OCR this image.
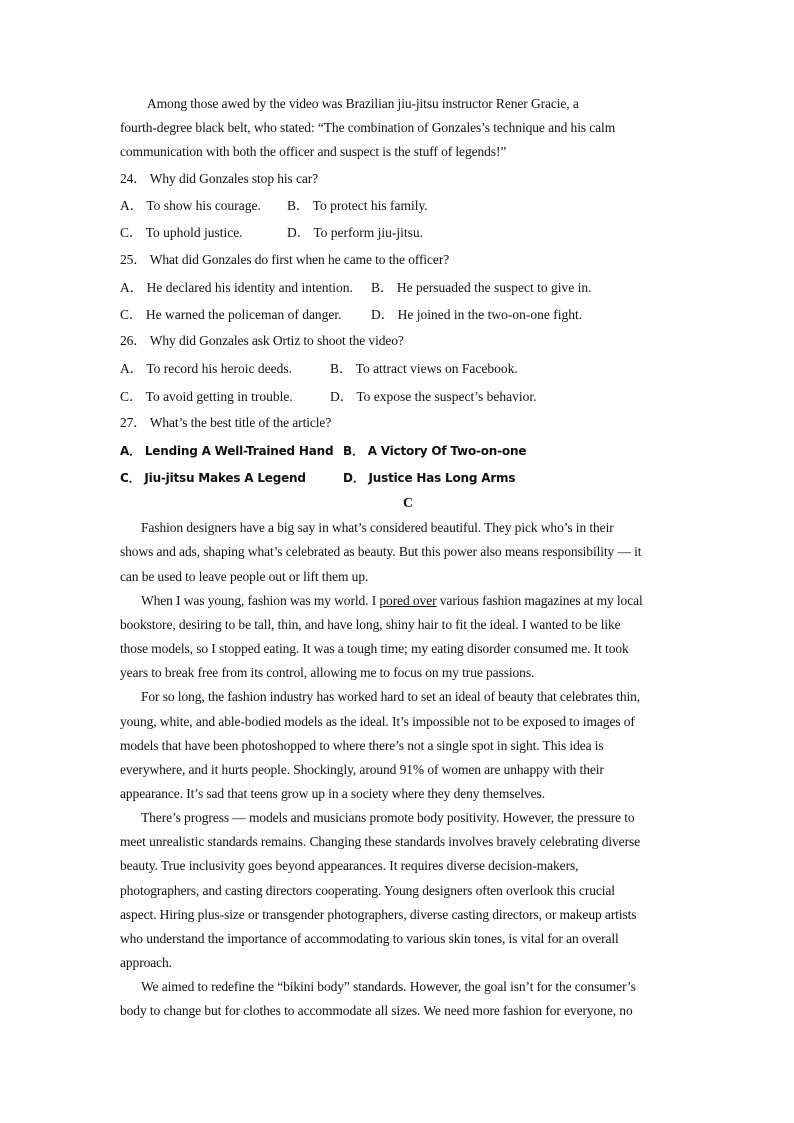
Among those awed by the video was Brazilian jiu-jitsu instructor Rener Gracie, a
fourth-degree black belt, who stated: “The combination of Gonzales’s technique and his calm
communication with both the officer and suspect is the stuff of legends!”
24． Why did Gonzales stop his car?
A． To show his courage. B． To protect his family.
C． To uphold justice.	D． To perform jiu-jitsu.
25． What did Gonzales do first when he came to the officer?
A． He declared his identity and intention. B． He persuaded the suspect to give in.
C． He warned the policeman of danger. D． He joined in the two-on-one fight.
26． Why did Gonzales ask Ortiz to shoot the video?
A． To record his heroic deeds.	B． To attract views on Facebook.
C． To avoid getting in trouble.	D． To expose the suspect’s behavior.
27． What’s the best title of the article?
A． Lending A Well-Trained Hand B． A Victory Of Two-on-one
C． Jiu-jitsu Makes A Legend	D． Justice Has Long Arms
C
Fashion designers have a big say in what’s considered beautiful. They pick who’s in their
shows and ads, shaping what’s celebrated as beauty. But this power also means responsibility — it
can be used to leave people out or lift them up.
When I was young, fashion was my world. I pored over various fashion magazines at my local
bookstore, desiring to be tall, thin, and have long, shiny hair to fit the ideal. I wanted to be like
those models, so I stopped eating. It was a tough time; my eating disorder consumed me. It took
years to break free from its control, allowing me to focus on my true passions.
For so long, the fashion industry has worked hard to set an ideal of beauty that celebrates thin,
young, white, and able-bodied models as the ideal. It’s impossible not to be exposed to images of
models that have been photoshopped to where there’s not a single spot in sight. This idea is
everywhere, and it hurts people. Shockingly, around 91% of women are unhappy with their
appearance. It’s sad that teens grow up in a society where they deny themselves.
There’s progress — models and musicians promote body positivity. However, the pressure to
meet unrealistic standards remains. Changing these standards involves bravely celebrating diverse
beauty. True inclusivity goes beyond appearances. It requires diverse decision-makers,
photographers, and casting directors cooperating. Young designers often overlook this crucial
aspect. Hiring plus-size or transgender photographers, diverse casting directors, or makeup artists
who understand the importance of accommodating to various skin tones, is vital for an overall
approach.
We aimed to redefine the “bikini body” standards. However, the goal isn’t for the consumer’s
body to change but for clothes to accommodate all sizes. We need more fashion for everyone, no
